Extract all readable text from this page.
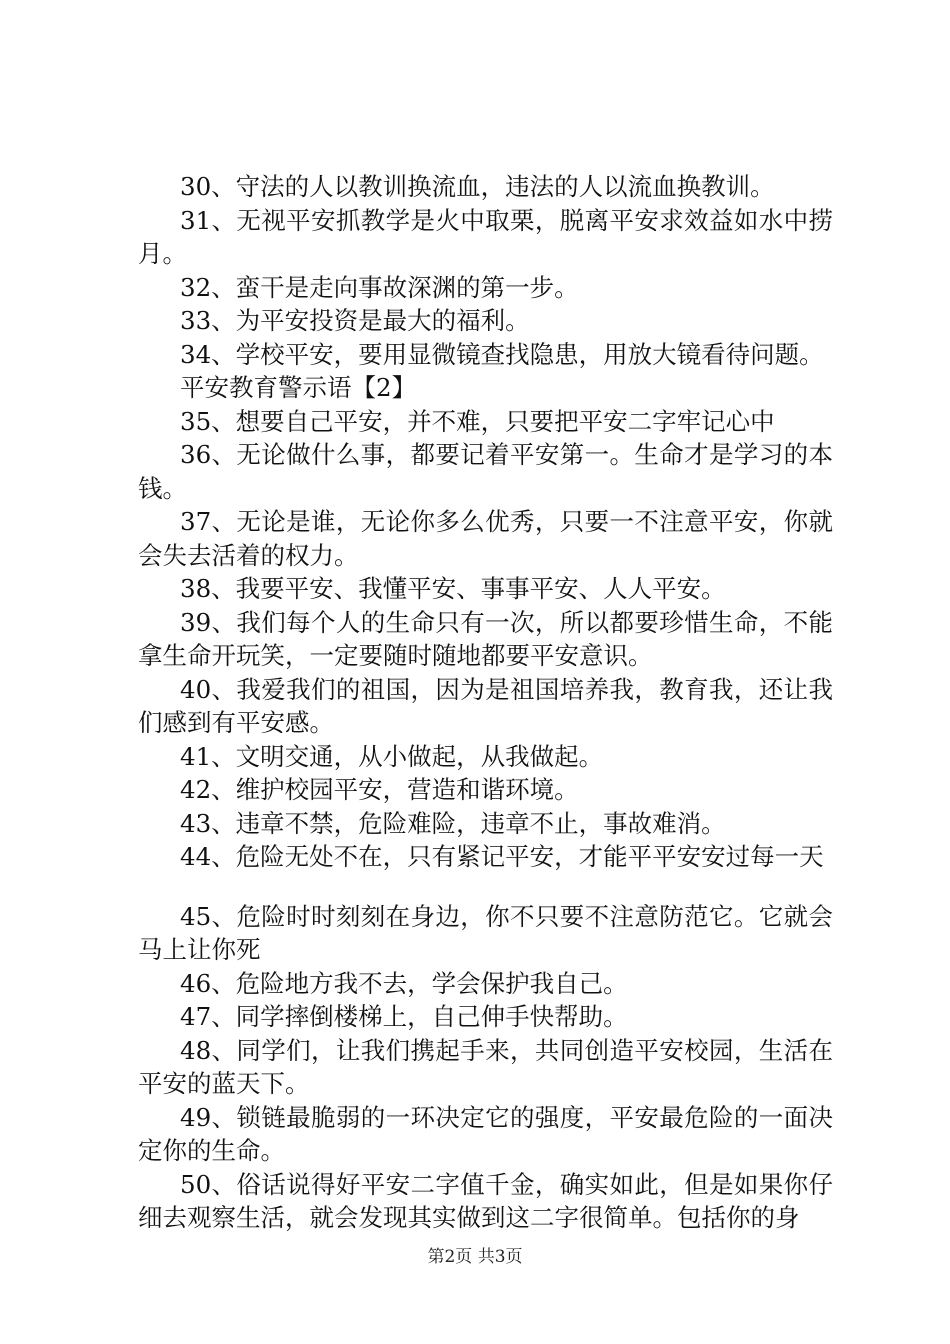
30、守法的人以教训换流血，违法的人以流血换教训。

31、无视平安抓教学是火中取栗，脱离平安求效益如水中捞月。

32、蛮干是走向事故深渊的第一步。

33、为平安投资是最大的福利。

34、学校平安，要用显微镜查找隐患，用放大镜看待问题。

平安教育警示语【2】

35、想要自己平安，并不难，只要把平安二字牢记心中

36、无论做什么事，都要记着平安第一。生命才是学习的本钱。

37、无论是谁，无论你多么优秀，只要一不注意平安，你就会失去活着的权力。

38、我要平安、我懂平安、事事平安、人人平安。

39、我们每个人的生命只有一次，所以都要珍惜生命，不能拿生命开玩笑，一定要随时随地都要平安意识。

40、我爱我们的祖国，因为是祖国培养我，教育我，还让我们感到有平安感。

41、文明交通，从小做起，从我做起。

42、维护校园平安，营造和谐环境。

43、违章不禁，危险难险，违章不止，事故难消。

44、危险无处不在，只有紧记平安，才能平平安安过每一天

45、危险时时刻刻在身边，你不只要不注意防范它。它就会马上让你死

46、危险地方我不去，学会保护我自己。

47、同学摔倒楼梯上，自己伸手快帮助。

48、同学们，让我们携起手来，共同创造平安校园，生活在平安的蓝天下。

49、锁链最脆弱的一环决定它的强度，平安最危险的一面决定你的生命。

50、俗话说得好平安二字值千金，确实如此，但是如果你仔细去观察生活，就会发现其实做到这二字很简单。包括你的身

第2页 共3页
